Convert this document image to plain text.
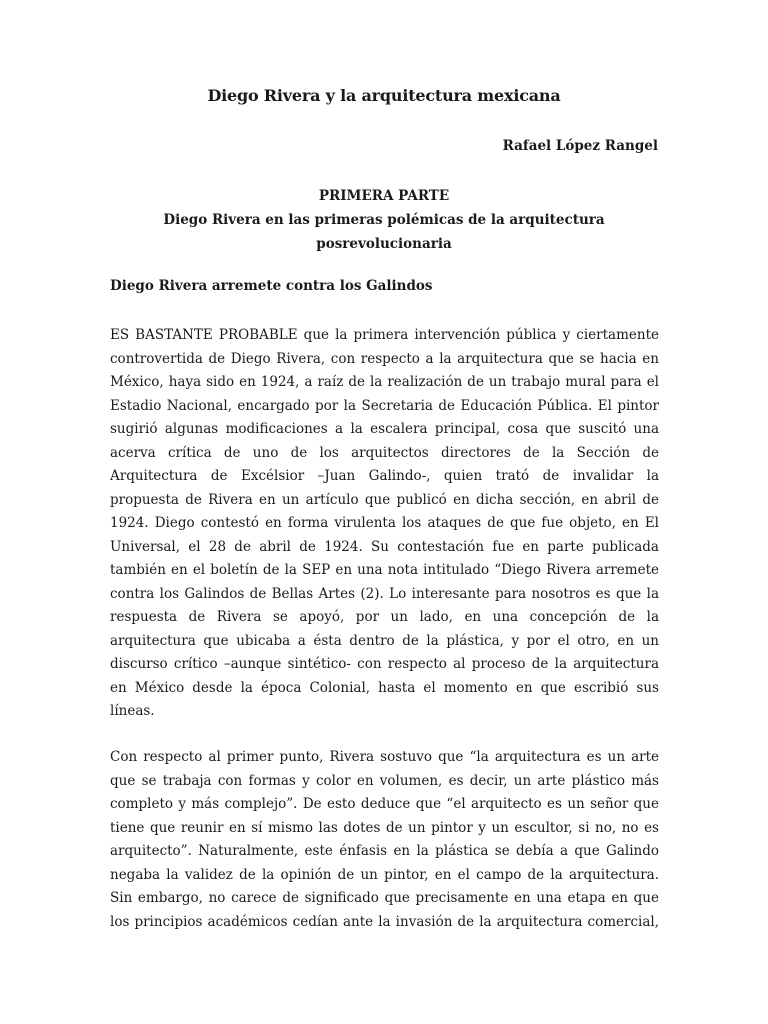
Diego Rivera y la arquitectura mexicana
Rafael López Rangel
PRIMERA PARTE
Diego Rivera en las primeras polémicas de la arquitectura
posrevolucionaria
Diego Rivera arremete contra los Galindos
ES BASTANTE PROBABLE que la primera intervención pública y ciertamente
controvertida de Diego Rivera, con respecto a la arquitectura que se hacia en
México, haya sido en 1924, a raíz de la realización de un trabajo mural para el
Estadio Nacional, encargado por la Secretaria de Educación Pública. El pintor
sugirió algunas modificaciones a la escalera principal, cosa que suscitó una
acerva crítica de uno de los arquitectos directores de la Sección de
Arquitectura de Excélsior –Juan Galindo-, quien trató de invalidar la
propuesta de Rivera en un artículo que publicó en dicha sección, en abril de
1924. Diego contestó en forma virulenta los ataques de que fue objeto, en El
Universal, el 28 de abril de 1924. Su contestación fue en parte publicada
también en el boletín de la SEP en una nota intitulado “Diego Rivera arremete
contra los Galindos de Bellas Artes (2). Lo interesante para nosotros es que la
respuesta de Rivera se apoyó, por un lado, en una concepción de la
arquitectura que ubicaba a ésta dentro de la plástica, y por el otro, en un
discurso crítico –aunque sintético- con respecto al proceso de la arquitectura
en México desde la época Colonial, hasta el momento en que escribió sus
líneas.
Con respecto al primer punto, Rivera sostuvo que “la arquitectura es un arte
que se trabaja con formas y color en volumen, es decir, un arte plástico más
completo y más complejo”. De esto deduce que “el arquitecto es un señor que
tiene que reunir en sí mismo las dotes de un pintor y un escultor, si no, no es
arquitecto”. Naturalmente, este énfasis en la plástica se debía a que Galindo
negaba la validez de la opinión de un pintor, en el campo de la arquitectura.
Sin embargo, no carece de significado que precisamente en una etapa en que
los principios académicos cedían ante la invasión de la arquitectura comercial,
